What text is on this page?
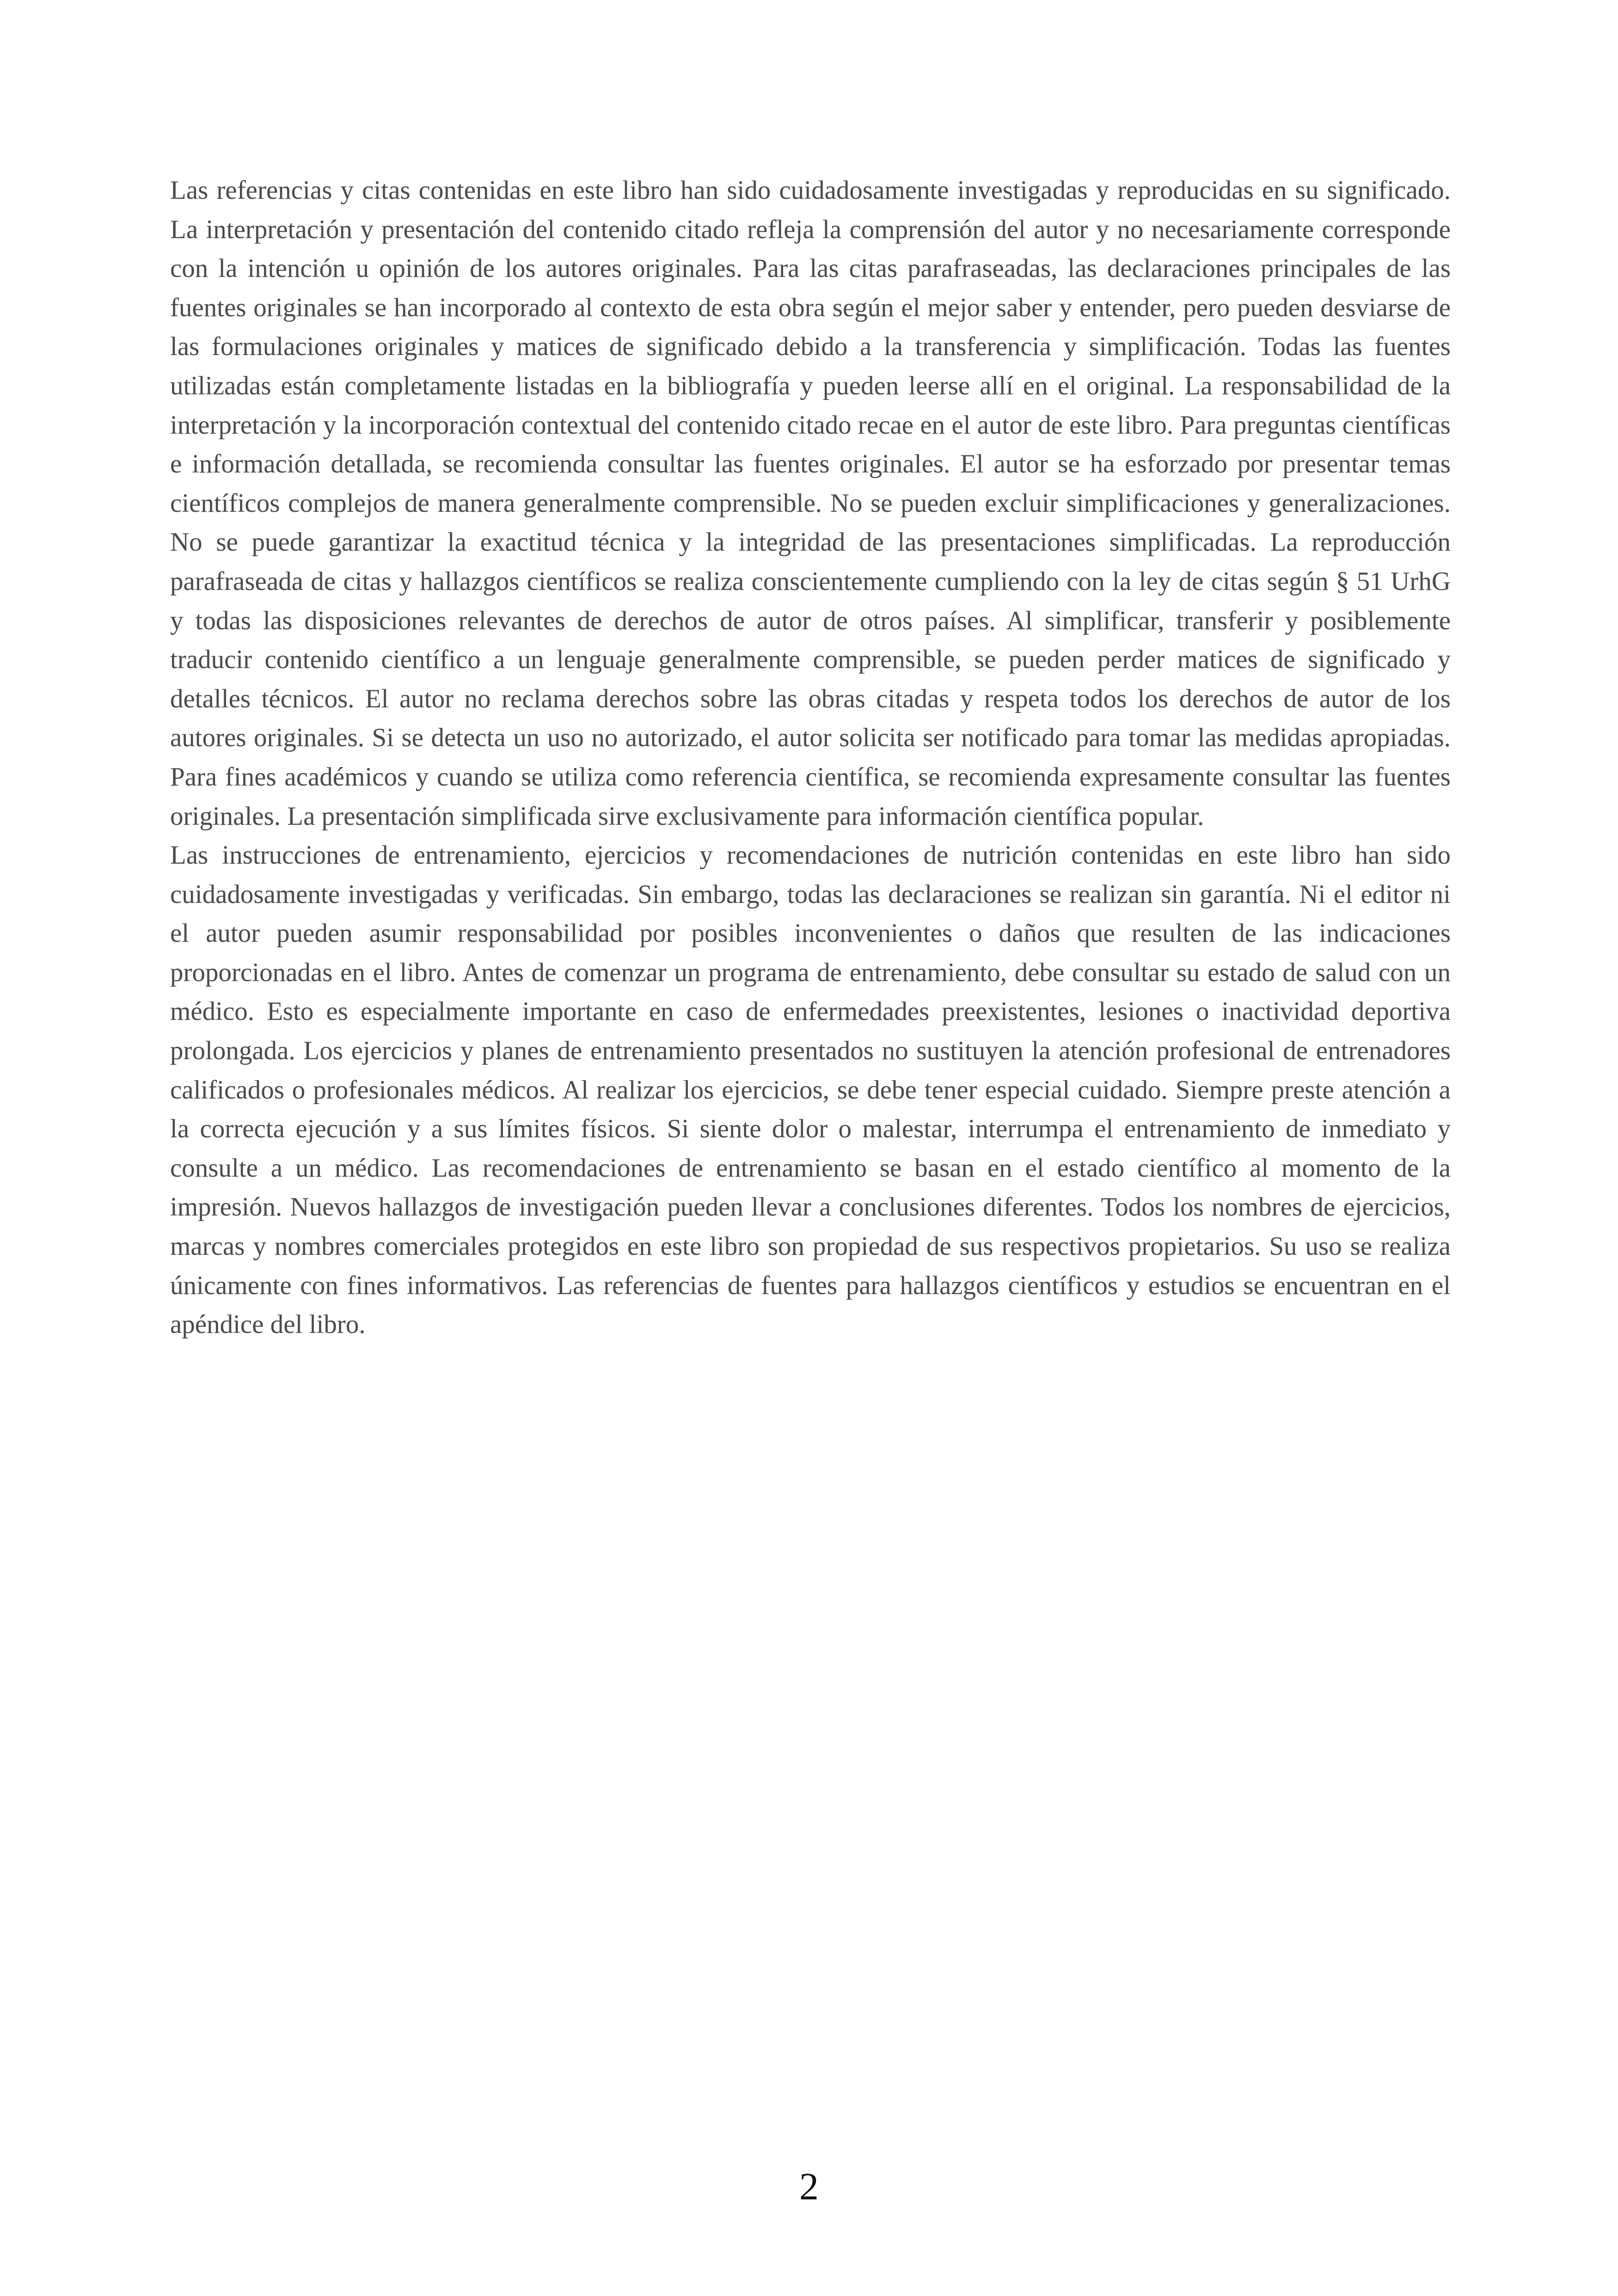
Las referencias y citas contenidas en este libro han sido cuidadosamente investigadas y reproducidas en su significado. La interpretación y presentación del contenido citado refleja la comprensión del autor y no necesariamente corresponde con la intención u opinión de los autores originales. Para las citas parafraseadas, las declaraciones principales de las fuentes originales se han incorporado al contexto de esta obra según el mejor saber y entender, pero pueden desviarse de las formulaciones originales y matices de significado debido a la transferencia y simplificación. Todas las fuentes utilizadas están completamente listadas en la bibliografía y pueden leerse allí en el original. La responsabilidad de la interpretación y la incorporación contextual del contenido citado recae en el autor de este libro. Para preguntas científicas e información detallada, se recomienda consultar las fuentes originales. El autor se ha esforzado por presentar temas científicos complejos de manera generalmente comprensible. No se pueden excluir simplificaciones y generalizaciones. No se puede garantizar la exactitud técnica y la integridad de las presentaciones simplificadas. La reproducción parafraseada de citas y hallazgos científicos se realiza conscientemente cumpliendo con la ley de citas según § 51 UrhG y todas las disposiciones relevantes de derechos de autor de otros países. Al simplificar, transferir y posiblemente traducir contenido científico a un lenguaje generalmente comprensible, se pueden perder matices de significado y detalles técnicos. El autor no reclama derechos sobre las obras citadas y respeta todos los derechos de autor de los autores originales. Si se detecta un uso no autorizado, el autor solicita ser notificado para tomar las medidas apropiadas. Para fines académicos y cuando se utiliza como referencia científica, se recomienda expresamente consultar las fuentes originales. La presentación simplificada sirve exclusivamente para información científica popular.

Las instrucciones de entrenamiento, ejercicios y recomendaciones de nutrición contenidas en este libro han sido cuidadosamente investigadas y verificadas. Sin embargo, todas las declaraciones se realizan sin garantía. Ni el editor ni el autor pueden asumir responsabilidad por posibles inconvenientes o daños que resulten de las indicaciones proporcionadas en el libro. Antes de comenzar un programa de entrenamiento, debe consultar su estado de salud con un médico. Esto es especialmente importante en caso de enfermedades preexistentes, lesiones o inactividad deportiva prolongada. Los ejercicios y planes de entrenamiento presentados no sustituyen la atención profesional de entrenadores calificados o profesionales médicos. Al realizar los ejercicios, se debe tener especial cuidado. Siempre preste atención a la correcta ejecución y a sus límites físicos. Si siente dolor o malestar, interrumpa el entrenamiento de inmediato y consulte a un médico. Las recomendaciones de entrenamiento se basan en el estado científico al momento de la impresión. Nuevos hallazgos de investigación pueden llevar a conclusiones diferentes. Todos los nombres de ejercicios, marcas y nombres comerciales protegidos en este libro son propiedad de sus respectivos propietarios. Su uso se realiza únicamente con fines informativos. Las referencias de fuentes para hallazgos científicos y estudios se encuentran en el apéndice del libro.

2
